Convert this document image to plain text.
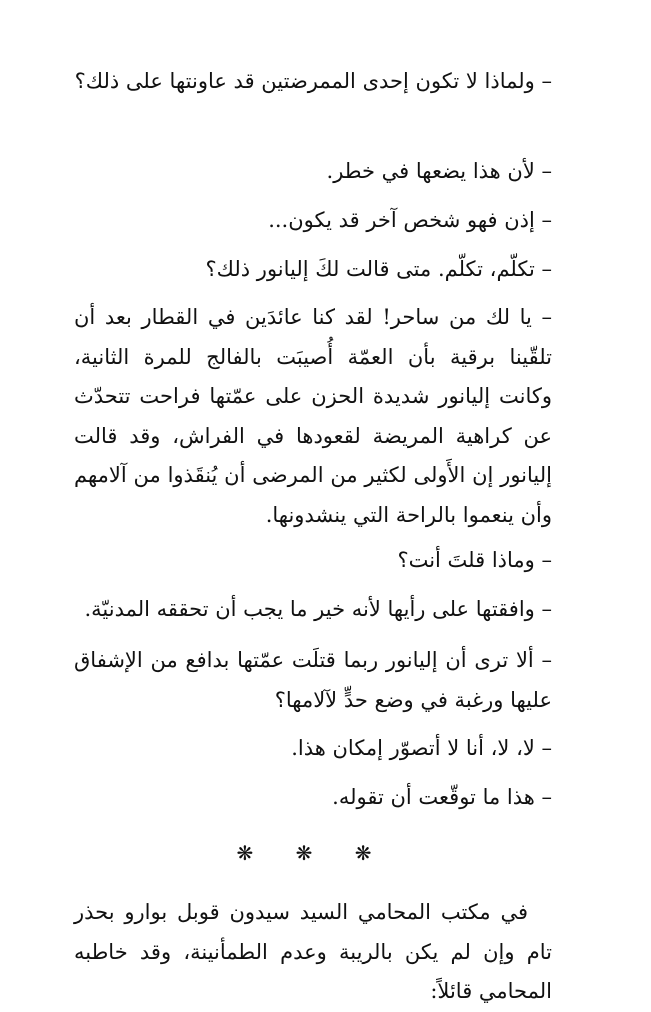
– ولماذا لا تكون إحدى الممرضتين قد عاونتها على ذلك؟

– لأن هذا يضعها في خطر.

– إذن فهو شخص آخر قد يكون...

– تكلّم، تكلّم. متى قالت لكَ إليانور ذلك؟

– يا لك من ساحر! لقد كنا عائدَين في القطار بعد أن تلقّينا برقية بأن العمّة أُصيبَت بالفالج للمرة الثانية، وكانت إليانور شديدة الحزن على عمّتها فراحت تتحدّث عن كراهية المريضة لقعودها في الفراش، وقد قالت إليانور إن الأَولى لكثير من المرضى أن يُنقَذوا من آلامهم وأن ينعموا بالراحة التي ينشدونها.

– وماذا قلتَ أنت؟

– وافقتها على رأيها لأنه خير ما يجب أن تحققه المدنيّة.

– ألا ترى أن إليانور ربما قتلَت عمّتها بدافع من الإشفاق عليها ورغبة في وضع حدٍّ لآلامها؟

– لا، لا، أنا لا أتصوّر إمكان هذا.

– هذا ما توقّعت أن تقوله.

❋ ❋ ❋

في مكتب المحامي السيد سيدون قوبل بوارو بحذر تام وإن لم يكن بالريبة وعدم الطمأنينة، وقد خاطبه المحامي قائلاً:
